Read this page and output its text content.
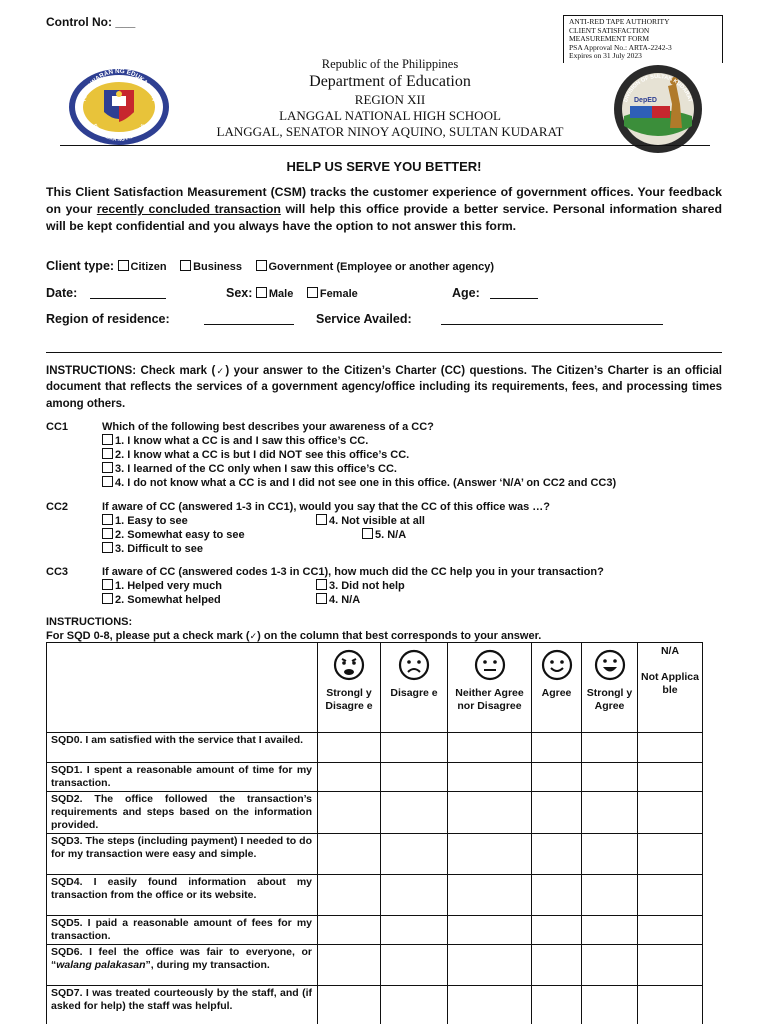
Control No: ___	ANTI-RED TAPE AUTHORITY
CLIENT SATISFACTION
MEASUREMENT FORM
PSA Approval No.: ARTA-2242-3
Expires on 31 July 2023
KAGAWARAN NG EDUKASYON
REPUBLIKA NG PILIPINAS
Republic of the Philippines
Department of Education
REGION XII
LANGGAL NATIONAL HIGH SCHOOL
LANGGAL, SENATOR NINOY AQUINO, SULTAN KUDARAT
DepED
DIVISION OF SULTAN KUDARAT
HELP US SERVE YOU BETTER!
This Client Satisfaction Measurement (CSM) tracks the customer experience of government offices. Your feedback on your recently concluded transaction will help this office provide a better service. Personal information shared will be kept confidential and you always have the option to not answer this form.
Client type: Citizen Business Government (Employee or another agency)
Date:	Sex: Male Female	Age:
Region of residence:	Service Availed:
INSTRUCTIONS: Check mark (✓) your answer to the Citizen’s Charter (CC) questions. The Citizen’s Charter is an official document that reflects the services of a government agency/office including its requirements, fees, and processing times among others.
CC1	Which of the following best describes your awareness of a CC?
1. I know what a CC is and I saw this office’s CC.
2. I know what a CC is but I did NOT see this office’s CC.
3. I learned of the CC only when I saw this office’s CC.
4. I do not know what a CC is and I did not see one in this office. (Answer ‘N/A’ on CC2 and CC3)
CC2	If aware of CC (answered 1-3 in CC1), would you say that the CC of this office was …?
1. Easy to see
2. Somewhat easy to see
3. Difficult to see
4. Not visible at all
5. N/A
CC3	If aware of CC (answered codes 1-3 in CC1), how much did the CC help you in your transaction?
1. Helped very much
2. Somewhat helped
3. Did not help
4. N/A
INSTRUCTIONS:
For SQD 0-8, please put a check mark (✓) on the column that best corresponds to your answer.

Strongl y Disagre e	Disagre e	Neither Agree nor Disagree	Agree	Strongl y Agree	N/A

Not Applica ble
SQD0. I am satisfied with the service that I availed.						
SQD1. I spent a reasonable amount of time for my transaction.						
SQD2. The office followed the transaction’s requirements and steps based on the information provided.						
SQD3. The steps (including payment) I needed to do for my transaction were easy and simple.						
SQD4. I easily found information about my transaction from the office or its website.						
SQD5. I paid a reasonable amount of fees for my transaction.						
SQD6. I feel the office was fair to everyone, or “walang palakasan”, during my transaction.						
SQD7. I was treated courteously by the staff, and (if asked for help) the staff was helpful.						
